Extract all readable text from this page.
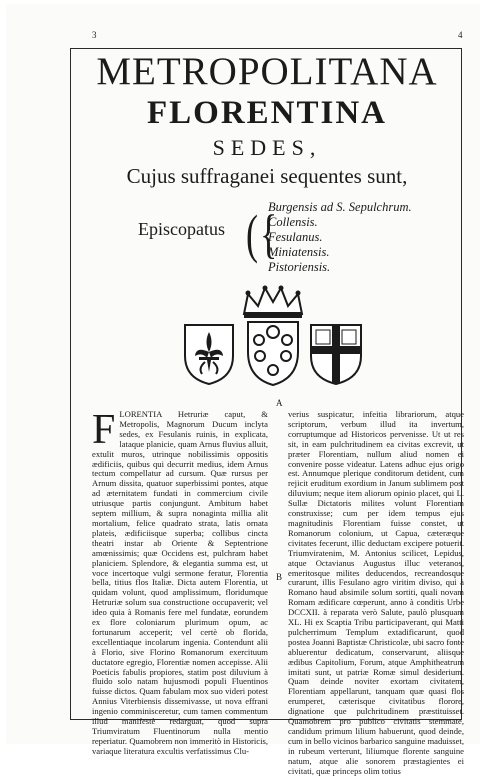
3	4
METROPOLITANA
FLORENTINA
SEDES,
Cujus suffraganei sequentes sunt,
Episcopatus ( {
Burgensis ad S. Sepulchrum.
Collensis.
Fesulanus.
Miniatensis.
Pistoriensis.
A
B
F LORENTIA Hetruriæ caput, & Metropolis, Magnorum Ducum inclyta sedes, ex Fesulanis ruinis, in explicata, lataque planicie, quam Arnus fluvius alluit, extulit muros, utrinque nobilissimis oppositis ædificiis, quibus qui decurrit medius, idem Arnus tectum compellatur ad cursum. Quæ rursus per Arnum dissita, quatuor superbissimi pontes, atque ad æternitatem fundati in commercium civile utriusque partis conjungunt. Ambitum habet septem millium, & supra nonaginta millia alit mortalium, felice quadrato strata, latis ornata plateis, ædificiisque superba; collibus cincta theatri instar ab Oriente & Septentrione amœnissimis; quæ Occidens est, pulchram habet planiciem. Splendore, & elegantia summa est, ut voce incertoque vulgi sermone feratur, Florentia bella, titius flos Italiæ. Dicta autem Florentia, ut quidam volunt, quod amplissimum, floridumque Hetruriæ solum sua constructione occupaverit; vel ideo quia à Romanis fere mel fundatæ, eorundem ex flore coloniarum plurimum opum, ac fortunarum acceperit; vel certè ob florida, excellentiaque incolarum ingenia. Contendunt alii à Florio, sive Florino Romanorum exercituum ductatore egregio, Florentiæ nomen accepisse. Alii Poeticis fabulis propiores, statim post diluvium à fluido solo natam hujusmodi populi Fluentinos fuisse dictos. Quam fabulam mox suo videri potest Annius Viterbiensis dissemivasse, ut nova effrani ingenio comminisceretur, cum tamen commentum illud manifestè redarguat, quod supra Triumviratum Fluentinorum nulla mentio reperiatur. Quamobrem non immeritò in Historicis, variaque literatura excultis verfatissimus Clu-
verius suspicatur, infeitia librariorum, atque scriptorum, verbum illud ita invertum, corruptumque ad Historicos pervenisse. Ut ut res sit, in eam pulchritudinem ea civitas excrevit, ut præter Florentiam, nullum aliud nomen ei convenire posse videatur. Latens adhuc ejus origo est. Annumque plerique conditorum detident, cum rejicit eruditum exordium in Janum sublimem post diluvium; neque item aliorum opinio placet, qui L. Sullæ Dictatoris milites volunt Florentiam construxisse; cum per idem tempus ejus magnitudinis Florentiam fuisse constet, ut Romanorum colonium, ut Capua, cæteræque civitates fecerunt, illic deductam excipere potuerit. Triumviratenim, M. Antonius scilicet, Lepidus, atque Octavianus Augustus illuc veteranos, emeritosque milites deducendos, recreandosque curarunt, illis Fesulano agro viritim diviso, qui à Romano haud absimile solum sortiti, quali novam Romam ædificare cœperunt, anno à conditis Urbe DCCXII. à reparata verò Salute, paulò plusquam XL. Hi ex Scaptia Tribu participaverant, qui Matti pulcherrimum Templum extadificarunt, quod postea Joanni Baptistæ Christicolæ, ubi sacro fonte abluerentur dedicatum, conservarunt, aliisque ædibus Capitolium, Forum, atque Amphitheatrum imitati sunt, ut patriæ Romæ simul desiderium. Quam deinde noviter exortam civitatem, Florentiam appellarunt, tanquam quæ quasi flos erumperet, cæterisque civitatibus florore, dignatione que pulchritudinem præstituisset. Quamobrem pro publico civitatis stemmate, candidum primum lilium habuerunt, quod deinde, cum in bello vicinos barbarico sanguine maduisset, in rubeum verterunt, liliumque florente sanguine natum, atque alie sonorem præstagientes ei civitati, quæ princeps olim totius
